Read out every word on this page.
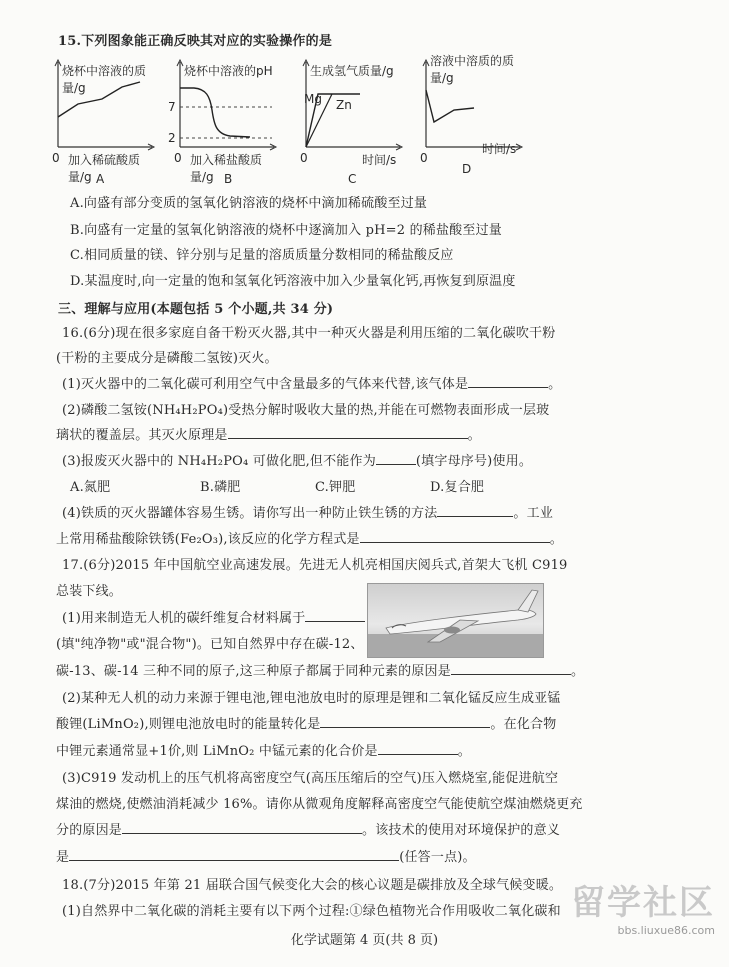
15.下列图象能正确反映其对应的实验操作的是
烧杯中溶液的质量/g
0 加入稀硫酸质量/g A
烧杯中溶液的pH
7
2
0 加入稀盐酸质量/g B
生成氢气质量/g
Mg Zn
0	时间/s
C
溶液中溶质的质量/g
0
时间/s
D
A.向盛有部分变质的氢氧化钠溶液的烧杯中滴加稀硫酸至过量
B.向盛有一定量的氢氧化钠溶液的烧杯中逐滴加入 pH=2 的稀盐酸至过量
C.相同质量的镁、锌分别与足量的溶质质量分数相同的稀盐酸反应
D.某温度时,向一定量的饱和氢氧化钙溶液中加入少量氧化钙,再恢复到原温度
三、理解与应用(本题包括 5 个小题,共 34 分)
16.(6分)现在很多家庭自备干粉灭火器,其中一种灭火器是利用压缩的二氧化碳吹干粉
(干粉的主要成分是磷酸二氢铵)灭火。
(1)灭火器中的二氧化碳可利用空气中含量最多的气体来代替,该气体是	。
(2)磷酸二氢铵(NH₄H₂PO₄)受热分解时吸收大量的热,并能在可燃物表面形成一层玻
璃状的覆盖层。其灭火原理是	。
(3)报废灭火器中的 NH₄H₂PO₄ 可做化肥,但不能作为	(填字母序号)使用。
A.氮肥	B.磷肥	C.钾肥	D.复合肥
(4)铁质的灭火器罐体容易生锈。请你写出一种防止铁生锈的方法	。工业
上常用稀盐酸除铁锈(Fe₂O₃),该反应的化学方程式是	。
17.(6分)2015 年中国航空业高速发展。先进无人机亮相国庆阅兵式,首架大飞机 C919
总装下线。
(1)用来制造无人机的碳纤维复合材料属于
(填"纯净物"或"混合物")。已知自然界中存在碳-12、
碳-13、碳-14 三种不同的原子,这三种原子都属于同种元素的原因是	。
(2)某种无人机的动力来源于锂电池,锂电池放电时的原理是锂和二氧化锰反应生成亚锰
酸锂(LiMnO₂),则锂电池放电时的能量转化是	。在化合物
中锂元素通常显+1价,则 LiMnO₂ 中锰元素的化合价是	。
(3)C919 发动机上的压气机将高密度空气(高压压缩后的空气)压入燃烧室,能促进航空
煤油的燃烧,使燃油消耗减少 16%。请你从微观角度解释高密度空气能使航空煤油燃烧更充
分的原因是	。该技术的使用对环境保护的意义
是	(任答一点)。
18.(7分)2015 年第 21 届联合国气候变化大会的核心议题是碳排放及全球气候变暖。
(1)自然界中二氧化碳的消耗主要有以下两个过程:①绿色植物光合作用吸收二氧化碳和
化学试题第 4 页(共 8 页)
留学社区
bbs.liuxue86.com
